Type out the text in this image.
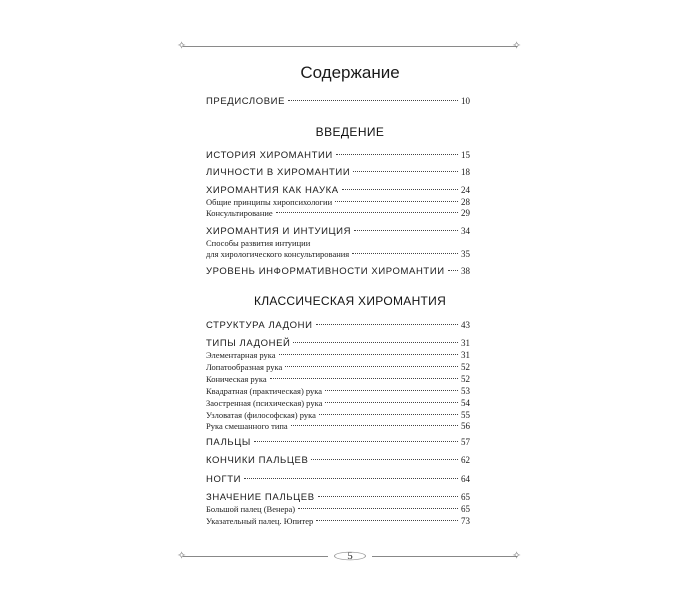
✧	✧
✧	✧
5
Содержание
ВВЕДЕНИЕ
КЛАССИЧЕСКАЯ ХИРОМАНТИЯ
ПРЕДИСЛОВИЕ	10
ИСТОРИЯ ХИРОМАНТИИ	15
ЛИЧНОСТИ В ХИРОМАНТИИ	18
ХИРОМАНТИЯ КАК НАУКА	24
Общие принципы хиропсихологии	28
Консультирование	29
ХИРОМАНТИЯ И ИНТУИЦИЯ	34
Способы развития интуиции
для хирологического консультирования	35
УРОВЕНЬ ИНФОРМАТИВНОСТИ ХИРОМАНТИИ 38
СТРУКТУРА ЛАДОНИ	43
ТИПЫ ЛАДОНЕЙ	31
Элементарная рука	31
Лопатообразная рука	52
Коническая рука	52
Квадратная (практическая) рука	53
Заостренная (психическая) рука	54
Узловатая (философская) рука	55
Рука смешанного типа	56
ПАЛЬЦЫ	57
КОНЧИКИ ПАЛЬЦЕВ	62
НОГТИ	64
ЗНАЧЕНИЕ ПАЛЬЦЕВ	65
Большой палец (Венера)	65
Указательный палец. Юпитер	73
